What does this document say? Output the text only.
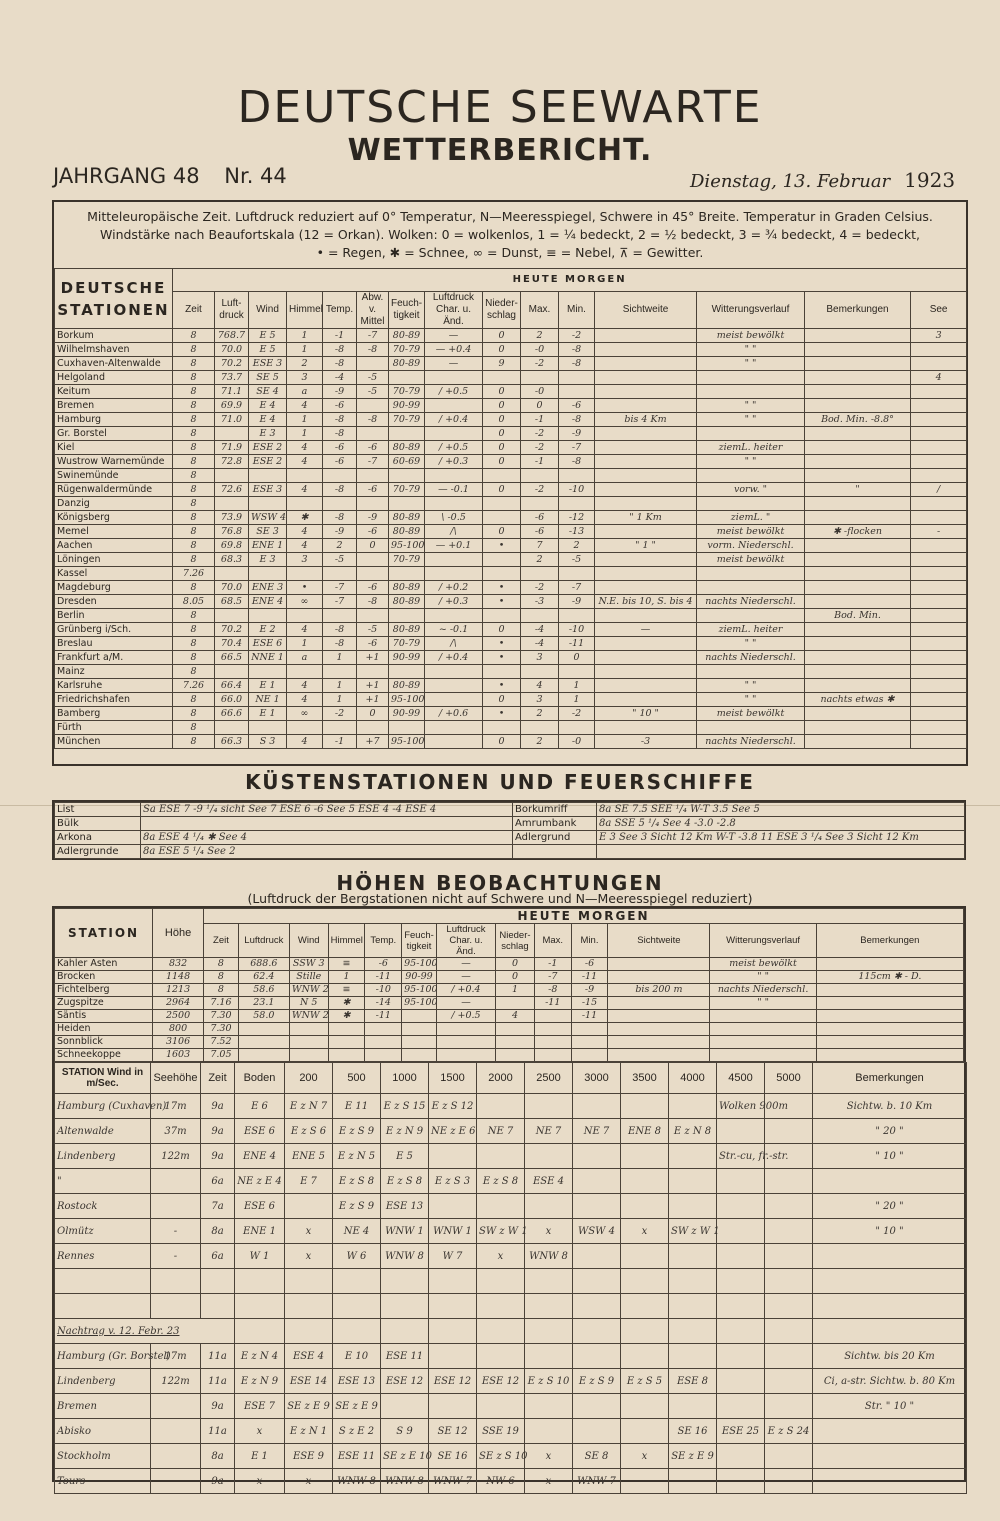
DEUTSCHE SEEWARTE
WETTERBERICHT.
JAHRGANG 48 Nr. 44	Dienstag, 13. Februar 1923
Mitteleuropäische Zeit. Luftdruck reduziert auf 0° Temperatur, N—Meeresspiegel, Schwere in 45° Breite. Temperatur in Graden Celsius.
Windstärke nach Beaufortskala (12 = Orkan). Wolken: 0 = wolkenlos, 1 = ¼ bedeckt, 2 = ½ bedeckt, 3 = ¾ bedeckt, 4 = bedeckt,
• = Regen, ✱ = Schnee, ∞ = Dunst, ≡ = Nebel, ⊼ = Gewitter.
DEUTSCHE STATIONEN	HEUTE MORGEN														
	Zeit	Luft-druck	Wind	Himmel	Temp.	Abw. v. Mittel	Feuch-tigkeit	Luftdruck Char. u. Änd.	Nieder-schlag	Max.	Min.	Sichtweite	Witterungsverlauf	Bemerkungen	See
Borkum	8	768.7	E 5	1	-1	-7	80-89	—	0	2	-2		meist bewölkt		3
Wilhelmshaven	8	70.0	E 5	1	-8	-8	70-79	— +0.4	0	-0	-8		" "		
Cuxhaven-Altenwalde	8	70.2	ESE 3	2	-8		80-89	—	9	-2	-8		" "		
Helgoland	8	73.7	SE 5	3	-4	-5									4
Keitum	8	71.1	SE 4	a	-9	-5	70-79	/ +0.5	0	-0					
Bremen	8	69.9	E 4	4	-6		90-99		0	0	-6		" "		
Hamburg	8	71.0	E 4	1	-8	-8	70-79	/ +0.4	0	-1	-8	bis 4 Km	" "	Bod. Min. -8.8°	
Gr. Borstel	8		E 3	1	-8				0	-2	-9				
Kiel	8	71.9	ESE 2	4	-6	-6	80-89	/ +0.5	0	-2	-7		ziemL. heiter		
Wustrow Warnemünde	8	72.8	ESE 2	4	-6	-7	60-69	/ +0.3	0	-1	-8		" "		
Swinemünde	8														
Rügenwaldermünde	8	72.6	ESE 3	4	-8	-6	70-79	— -0.1	0	-2	-10		vorw. "	"	/
Danzig	8														
Königsberg	8	73.9	WSW 4	✱	-8	-9	80-89	\ -0.5		-6	-12	" 1 Km	ziemL. "		
Memel	8	76.8	SE 3	4	-9	-6	80-89	/\	0	-6	-13		meist bewölkt	✱ -flocken	-
Aachen	8	69.8	ENE 1	4	2	0	95-100	— +0.1	•	7	2	" 1 "	vorm. Niederschl.		
Löningen	8	68.3	E 3	3	-5		70-79			2	-5		meist bewölkt		
Kassel	7.26														
Magdeburg	8	70.0	ENE 3	•	-7	-6	80-89	/ +0.2	•	-2	-7				
Dresden	8.05	68.5	ENE 4	∞	-7	-8	80-89	/ +0.3	•	-3	-9	N.E. bis 10, S. bis 4	nachts Niederschl.		
Berlin	8													Bod. Min.	
Grünberg i/Sch.	8	70.2	E 2	4	-8	-5	80-89	~ -0.1	0	-4	-10	—	ziemL. heiter		
Breslau	8	70.4	ESE 6	1	-8	-6	70-79	/\	•	-4	-11		" "		
Frankfurt a/M.	8	66.5	NNE 1	a	1	+1	90-99	/ +0.4	•	3	0		nachts Niederschl.		
Mainz	8														
Karlsruhe	7.26	66.4	E 1	4	1	+1	80-89		•	4	1		" "		
Friedrichshafen	8	66.0	NE 1	4	1	+1	95-100		0	3	1		" "	nachts etwas ✱	
Bamberg	8	66.6	E 1	∞	-2	0	90-99	/ +0.6	•	2	-2	" 10 "	meist bewölkt		
Fürth	8														
München	8	66.3	S 3	4	-1	+7	95-100		0	2	-0	-3	nachts Niederschl.		
KÜSTENSTATIONEN UND FEUERSCHIFFE
List	Sa ESE 7 -9 ¹/₄ sicht See 7 ESE 6 -6 See 5 ESE 4 -4 ESE 4	Borkumriff	8a SE 7.5 SEE ¹/₄ W-T 3.5 See 5
Bülk		Amrumbank	8a SSE 5 ¹/₄ See 4 -3.0 -2.8
Arkona	8a ESE 4 ¹/₄ ✱ See 4	Adlergrund	E 3 See 3 Sicht 12 Km W-T -3.8 11 ESE 3 ¹/₄ See 3 Sicht 12 Km
Adlergrunde	8a ESE 5 ¹/₄ See 2		
HÖHEN BEOBACHTUNGEN
(Luftdruck der Bergstationen nicht auf Schwere und N—Meeresspiegel reduziert)
STATION	Höhe	HEUTE MORGEN												
		Zeit	Luftdruck	Wind	Himmel	Temp.	Feuch-tigkeit	Luftdruck Char. u. Änd.	Nieder-schlag	Max.	Min.	Sichtweite	Witterungsverlauf	Bemerkungen
Kahler Asten	832	8	688.6	SSW 3	≡	-6	95-100	—	0	-1	-6		meist bewölkt	
Brocken	1148	8	62.4	Stille	1	-11	90-99	—	0	-7	-11		" "	115cm ✱ - D.
Fichtelberg	1213	8	58.6	WNW 2	≡	-10	95-100	/ +0.4	1	-8	-9	bis 200 m	nachts Niederschl.	
Zugspitze	2964	7.16	23.1	N 5	✱	-14	95-100	—		-11	-15		" "	
Säntis	2500	7.30	58.0	WNW 2	✱	-11		/ +0.5	4		-11			
Heiden	800	7.30												
Sonnblick	3106	7.52												
Schneekoppe	1603	7.05												
STATION Wind in m/Sec.	Seehöhe	Zeit	Boden	200	500	1000	1500	2000	2500	3000	3500	4000	4500	5000	Bemerkungen
Hamburg (Cuxhaven)	17m	9a	E 6	E z N 7	E 11	E z S 15	E z S 12						Wolken 900m		Sichtw. b. 10 Km
Altenwalde	37m	9a	ESE 6	E z S 6	E z S 9	E z N 9	NE z E 6	NE 7	NE 7	NE 7	ENE 8	E z N 8			" 20 "
Lindenberg	122m	9a	ENE 4	ENE 5	E z N 5	E 5							Str.-cu, fr.-str.		" 10 "
"		6a	NE z E 4	E 7	E z S 8	E z S 8	E z S 3	E z S 8	ESE 4						
Rostock		7a	ESE 6		E z S 9	ESE 13									" 20 "
Olmütz	-	8a	ENE 1	x	NE 4	WNW 1	WNW 1	SW z W 1	x	WSW 4	x	SW z W 1			" 10 "
Rennes	-	6a	W 1	x	W 6	WNW 8	W 7	x	WNW 8						

Nachtrag v. 12. Febr. 23															
Hamburg (Gr. Borstel)	17m	11a	E z N 4	ESE 4	E 10	ESE 11									Sichtw. bis 20 Km
Lindenberg	122m	11a	E z N 9	ESE 14	ESE 13	ESE 12	ESE 12	ESE 12	E z S 10	E z S 9	E z S 5	ESE 8			Ci, a-str. Sichtw. b. 80 Km
Bremen		9a	ESE 7	SE z E 9	SE z E 9										Str. " 10 "
Abisko		11a	x	E z N 1	S z E 2	S 9	SE 12	SSE 19				SE 16	ESE 25	E z S 24	
Stockholm		8a	E 1	ESE 9	ESE 11	SE z E 10	SE 16	SE z S 10	x	SE 8	x	SE z E 9			
Tours		9a	x	x	WNW 8	WNW 8	WNW 7	NW 6	x	WNW 7					
